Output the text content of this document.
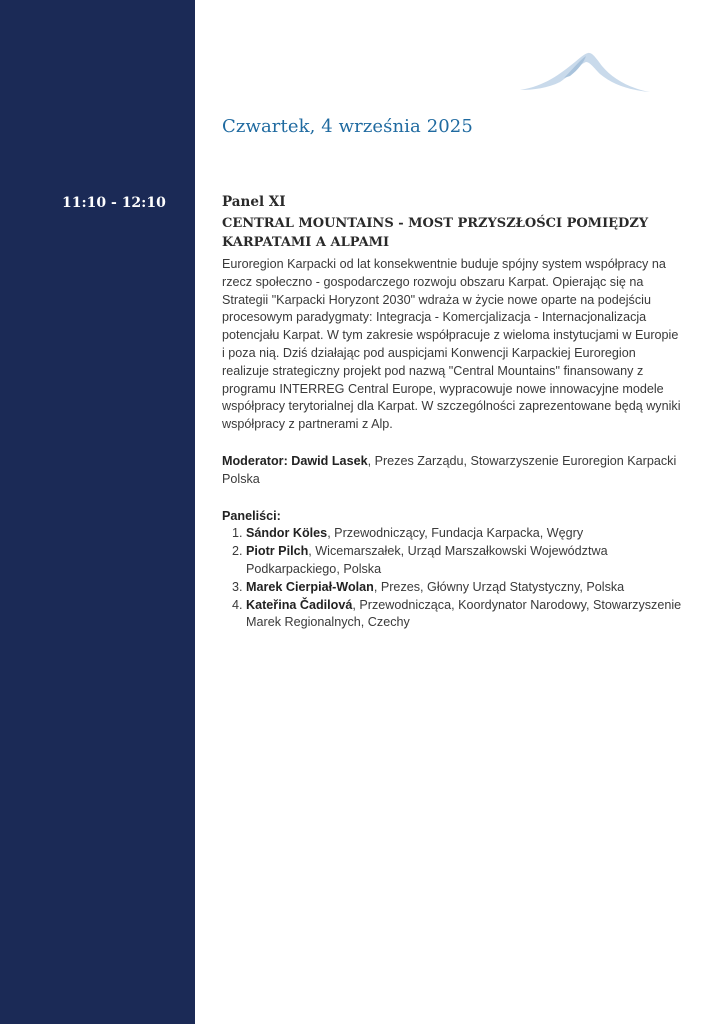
Czwartek, 4 września 2025
11:10 - 12:10	Panel XI
CENTRAL MOUNTAINS - MOST PRZYSZŁOŚCI POMIĘDZY KARPATAMI A ALPAMI

Euroregion Karpacki od lat konsekwentnie buduje spójny system współpracy na rzecz społeczno - gospodarczego rozwoju obszaru Karpat. Opierając się na Strategii "Karpacki Horyzont 2030" wdraża w życie nowe oparte na podejściu procesowym paradygmaty: Integracja - Komercjalizacja - Internacjonalizacja potencjału Karpat. W tym zakresie współpracuje z wieloma instytucjami w Europie i poza nią. Dziś działając pod auspicjami Konwencji Karpackiej Euroregion realizuje strategiczny projekt pod nazwą "Central Mountains" finansowany z programu INTERREG Central Europe, wypracowuje nowe innowacyjne modele współpracy terytorialnej dla Karpat. W szczególności zaprezentowane będą wyniki współpracy z partnerami z Alp.

Moderator: Dawid Lasek, Prezes Zarządu, Stowarzyszenie Euroregion Karpacki Polska
Paneliści:
1. Sándor Köles, Przewodniczący, Fundacja Karpacka, Węgry
2. Piotr Pilch, Wicemarszałek, Urząd Marszałkowski Województwa Podkarpackiego, Polska
3. Marek Cierpiał-Wolan, Prezes, Główny Urząd Statystyczny, Polska
4. Kateřina Čadilová, Przewodnicząca, Koordynator Narodowy, Stowarzyszenie Marek Regionalnych, Czechy
